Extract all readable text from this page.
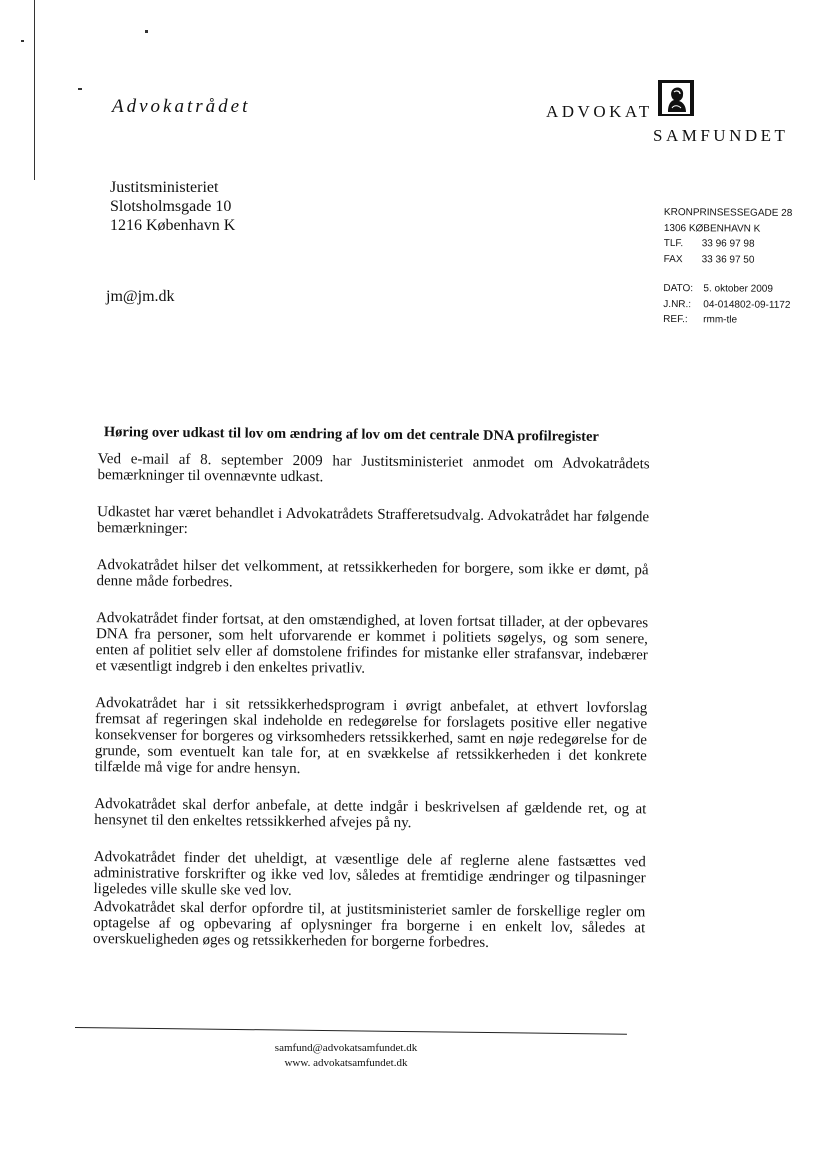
Advokatrådet	ADVOKAT
SAMFUNDET
Justitsministeriet
Slotsholmsgade 10
1216 København K
jm@jm.dk
KRONPRINSESSEGADE 28
1306 KØBENHAVN K
TLF. 33 96 97 98
FAX 33 36 97 50
DATO: 5. oktober 2009
J.NR.: 04-014802-09-1172
REF.: rmm-tle
Høring over udkast til lov om ændring af lov om det centrale DNA profilregister

Ved e-mail af 8. september 2009 har Justitsministeriet anmodet om Advokatrådets bemærkninger til ovennævnte udkast.

Udkastet har været behandlet i Advokatrådets Strafferetsudvalg. Advokatrådet har følgende bemærkninger:

Advokatrådet hilser det velkomment, at retssikkerheden for borgere, som ikke er dømt, på denne måde forbedres.

Advokatrådet finder fortsat, at den omstændighed, at loven fortsat tillader, at der opbevares DNA fra personer, som helt uforvarende er kommet i politiets søgelys, og som senere, enten af politiet selv eller af domstolene frifindes for mistanke eller strafansvar, indebærer et væsentligt indgreb i den enkeltes privatliv.

Advokatrådet har i sit retssikkerhedsprogram i øvrigt anbefalet, at ethvert lovforslag fremsat af regeringen skal indeholde en redegørelse for forslagets positive eller negative konsekvenser for borgeres og virksomheders retssikkerhed, samt en nøje redegørelse for de grunde, som eventuelt kan tale for, at en svækkelse af retssikkerheden i det konkrete tilfælde må vige for andre hensyn.

Advokatrådet skal derfor anbefale, at dette indgår i beskrivelsen af gældende ret, og at hensynet til den enkeltes retssikkerhed afvejes på ny.

Advokatrådet finder det uheldigt, at væsentlige dele af reglerne alene fastsættes ved administrative forskrifter og ikke ved lov, således at fremtidige ændringer og tilpasninger ligeledes ville skulle ske ved lov.

Advokatrådet skal derfor opfordre til, at justitsministeriet samler de forskellige regler om optagelse af og opbevaring af oplysninger fra borgerne i en enkelt lov, således at overskueligheden øges og retssikkerheden for borgerne forbedres.

samfund@advokatsamfundet.dk
www. advokatsamfundet.dk
